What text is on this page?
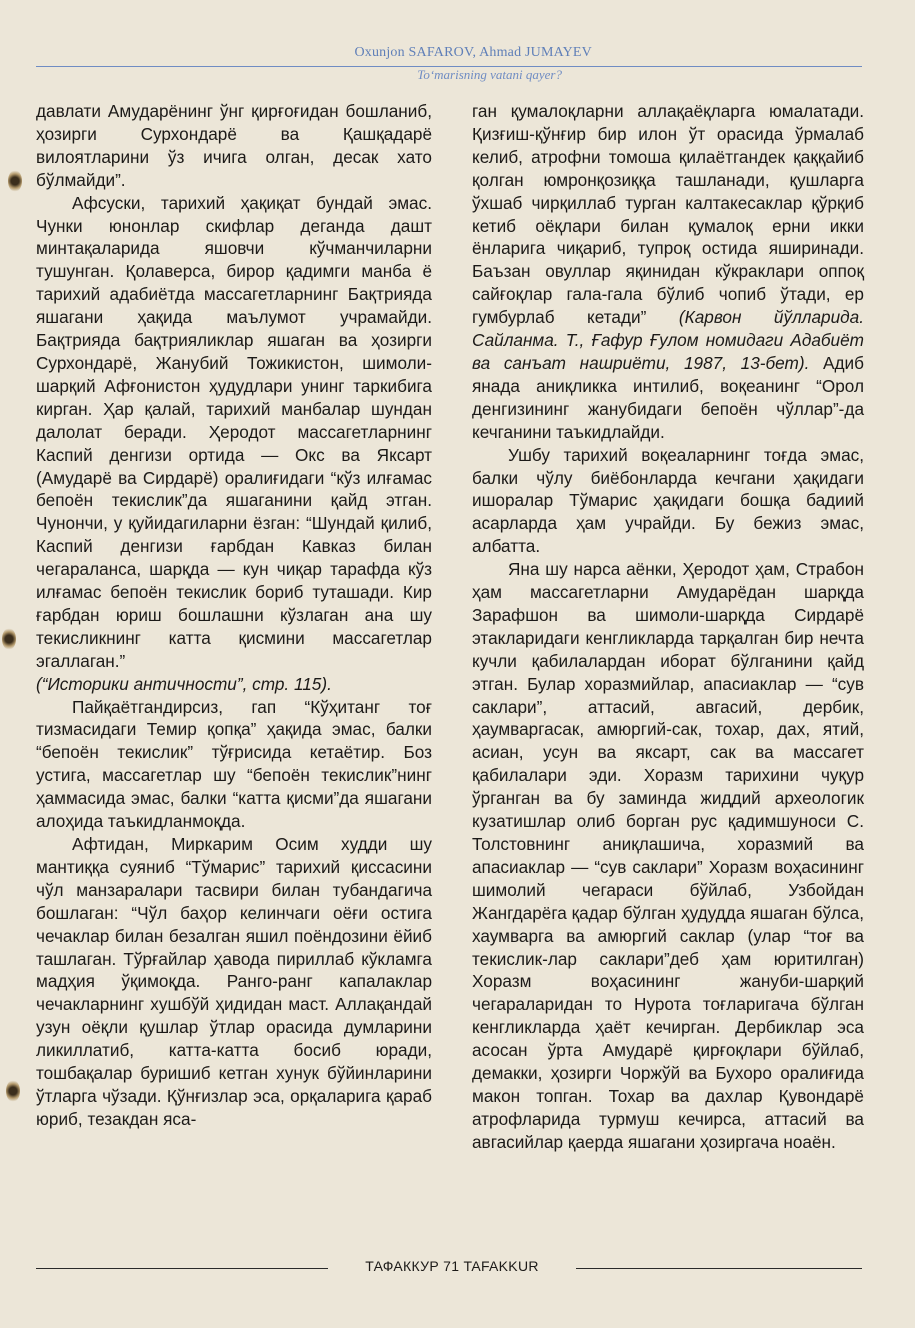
Oxunjon SAFAROV, Ahmad JUMAYEV
To‘marisning vatani qayer?

давлати Амударёнинг ўнг қирғоғидан бошланиб, ҳозирги Сурхондарё ва Қашқадарё вилоятларини ўз ичига олган, десак хато бўлмайди”.

Афсуски, тарихий ҳақиқат бундай эмас. Чунки юнонлар скифлар деганда дашт минтақаларида яшовчи кўчманчиларни тушунган. Қолаверса, бирор қадимги манба ё тарихий адабиётда массагетларнинг Бақтрияда яшагани ҳақида маълумот учрамайди. Бақтрияда бақтрияликлар яшаган ва ҳозирги Сурхондарё, Жанубий Тожикистон, шимоли-шарқий Афғонистон ҳудудлари унинг таркибига кирган. Ҳар қалай, тарихий манбалар шундан далолат беради. Ҳеродот массагетларнинг Каспий денгизи ортида — Окс ва Яксарт (Амударё ва Сирдарё) оралиғидаги “кўз илғамас бепоён текислик”да яшаганини қайд этган. Чунончи, у қуйидагиларни ёзган: “Шундай қилиб, Каспий денгизи ғарбдан Кавказ билан чегараланса, шарқда — кун чиқар тарафда кўз илғамас бепоён текислик бориб туташади. Кир ғарбдан юриш бошлашни кўзлаган ана шу текисликнинг катта қисмини массагетлар эгаллаган.”
(“Историки античности”, стр. 115).

Пайқаётгандирсиз, гап “Кўҳитанг тоғ тизмасидаги Темир қопқа” ҳақида эмас, балки “бепоён текислик” тўғрисида кетаётир. Боз устига, массагетлар шу “бепоён текислик”нинг ҳаммасида эмас, балки “катта қисми”да яшагани алоҳида таъкидланмоқда.

Афтидан, Миркарим Осим худди шу мантиққа суяниб “Тўмарис” тарихий қиссасини чўл манзаралари тасвири билан тубандагича бошлаган: “Чўл баҳор келинчаги оёғи остига чечаклар билан безалган яшил поёндозини ёйиб ташлаган. Тўрғайлар ҳавода пириллаб кўкламга мадҳия ўқимоқда. Ранго-ранг капалаклар чечакларнинг хушбўй ҳидидан маст. Аллақандай узун оёқли қушлар ўтлар орасида думларини ликиллатиб, катта-катта босиб юради, тошбақалар буришиб кетган хунук бўйинларини ўтларга чўзади. Қўнғизлар эса, орқаларига қараб юриб, тезакдан яса-

ган қумалоқларни аллақаёқларга юмалатади. Қизғиш-қўнғир бир илон ўт орасида ўрмалаб келиб, атрофни томоша қилаётгандек қаққайиб қолган юмронқозиққа ташланади, қушларга ўхшаб чирқиллаб турган калтакесаклар қўрқиб кетиб оёқлари билан қумалоқ ерни икки ёнларига чиқариб, тупроқ остида яширинади. Баъзан овуллар яқинидан кўкраклари оппоқ сайғоқлар гала-гала бўлиб чопиб ўтади, ер гумбурлаб кетади” (Карвон йўлларида. Сайланма. Т., Ғафур Ғулом номидаги Адабиёт ва санъат нашриёти, 1987, 13-бет). Адиб янада аниқликка интилиб, воқеанинг “Орол денгизининг жанубидаги бепоён чўллар”-да кечганини таъкидлайди.

Ушбу тарихий воқеаларнинг тоғда эмас, балки чўлу биёбонларда кечгани ҳақидаги ишоралар Тўмарис ҳақидаги бошқа бадиий асарларда ҳам учрайди. Бу бежиз эмас, албатта.

Яна шу нарса аёнки, Ҳеродот ҳам, Страбон ҳам массагетларни Амударёдан шарқда Зарафшон ва шимоли-шарқда Сирдарё этакларидаги кенгликларда тарқалган бир нечта кучли қабилалардан иборат бўлганини қайд этган. Булар хоразмийлар, апасиаклар — “сув саклари”, аттасий, авгасий, дербик, ҳаумваргасак, амюргий-сак, тохар, дах, ятий, асиан, усун ва яксарт, сак ва массагет қабилалари эди. Хоразм тарихини чуқур ўрганган ва бу заминда жиддий археологик кузатишлар олиб борган рус қадимшуноси С. Толстовнинг аниқлашича, хоразмий ва апасиаклар — “сув саклари” Хоразм воҳасининг шимолий чегараси бўйлаб, Узбойдан Жангдарёга қадар бўлган ҳудудда яшаган бўлса, хаумварга ва амюргий саклар (улар “тоғ ва текислик-лар саклари”деб ҳам юритилган) Хоразм воҳасининг жануби-шарқий чегараларидан то Нурота тоғларигача бўлган кенгликларда ҳаёт кечирган. Дербиклар эса асосан ўрта Амударё қирғоқлари бўйлаб, демакки, ҳозирги Чоржўй ва Бухоро оралиғида макон топган. Тохар ва дахлар Қувондарё атрофларида турмуш кечирса, аттасий ва авгасийлар қаерда яшагани ҳозиргача ноаён.

ТАФАККУР 71 TAFAKKUR
